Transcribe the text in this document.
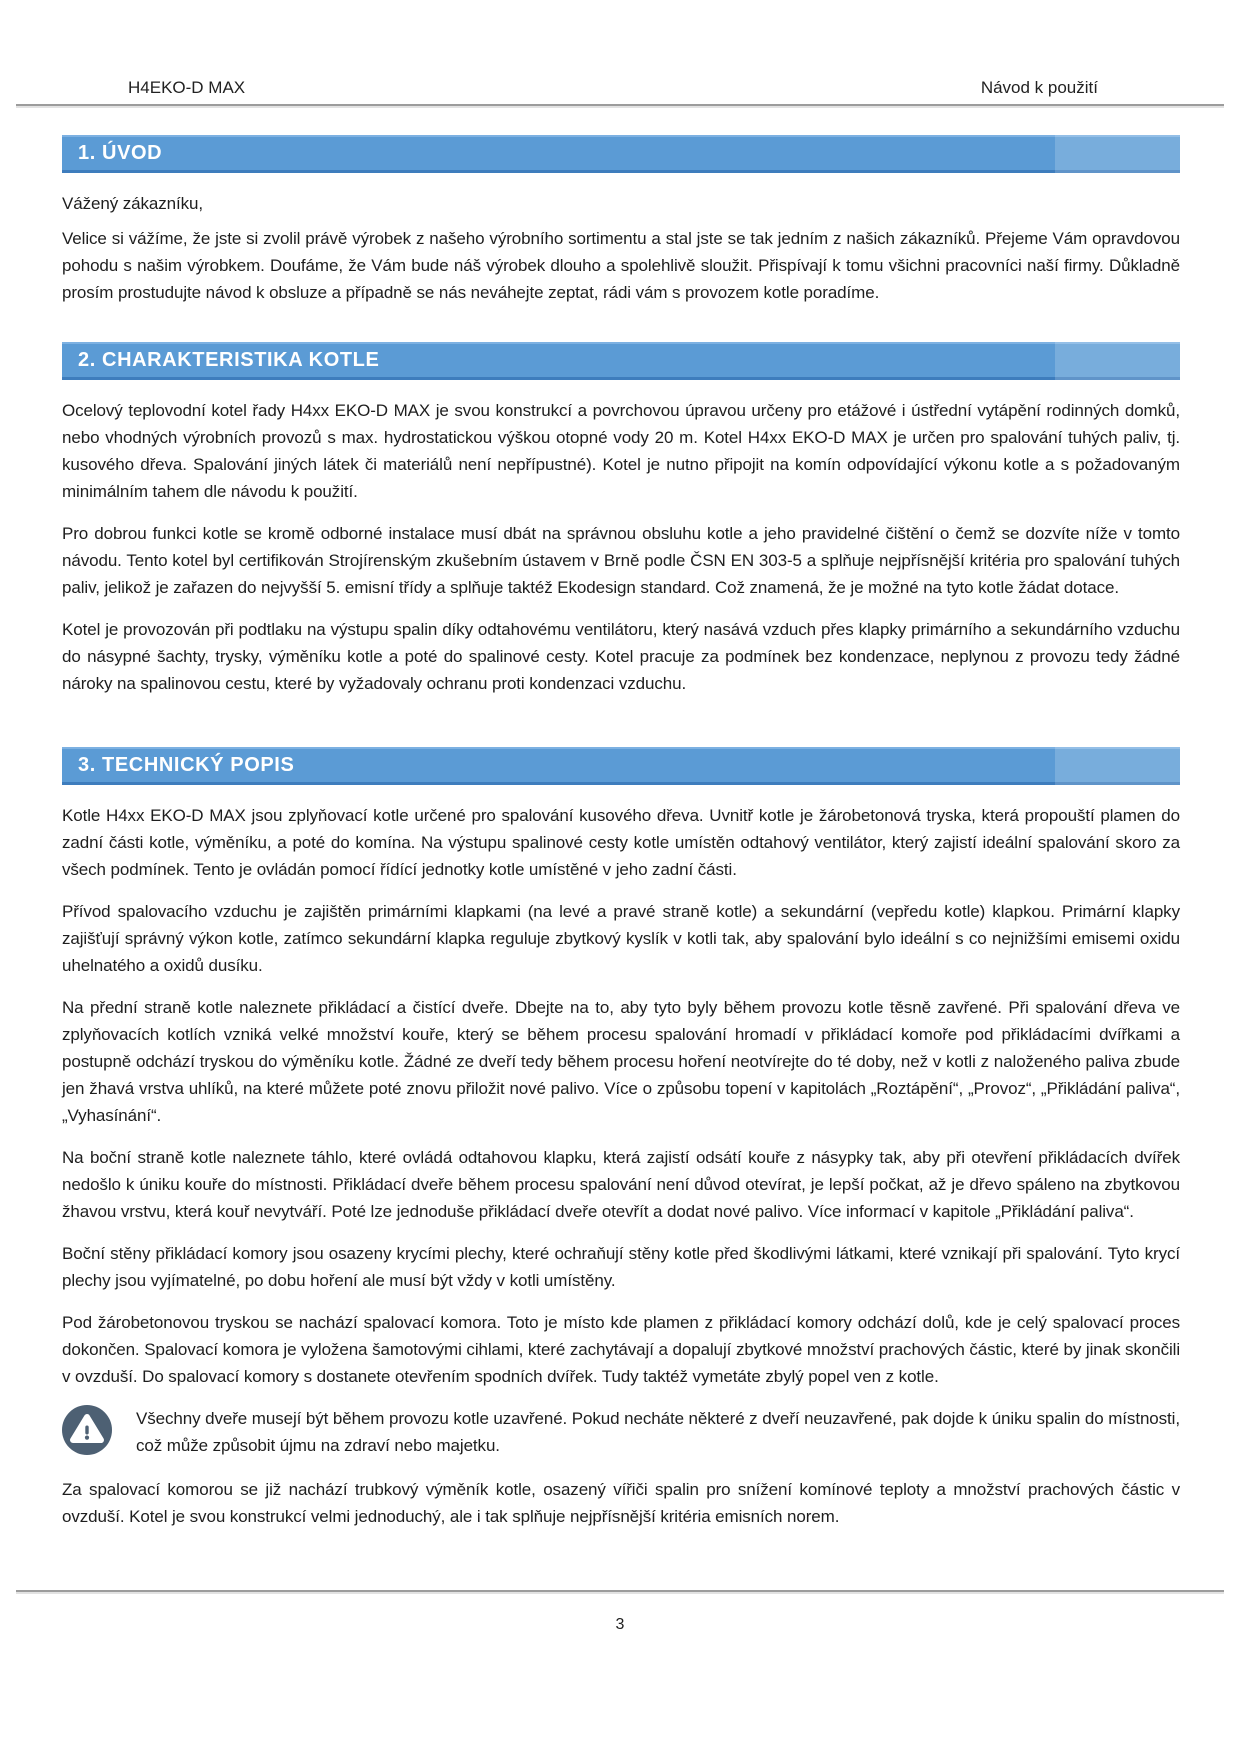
H4EKO-D MAX	Návod k použití
1. ÚVOD

Vážený zákazníku,

Velice si vážíme, že jste si zvolil právě výrobek z našeho výrobního sortimentu a stal jste se tak jedním z našich zákazníků. Přejeme Vám opravdovou pohodu s našim výrobkem. Doufáme, že Vám bude náš výrobek dlouho a spolehlivě sloužit. Přispívají k tomu všichni pracovníci naší firmy. Důkladně prosím prostudujte návod k obsluze a případně se nás neváhejte zeptat, rádi vám s provozem kotle poradíme.

2. CHARAKTERISTIKA KOTLE

Ocelový teplovodní kotel řady H4xx EKO-D MAX je svou konstrukcí a povrchovou úpravou určeny pro etážové i ústřední vytápění rodinných domků, nebo vhodných výrobních provozů s max. hydrostatickou výškou otopné vody 20 m. Kotel H4xx EKO-D MAX je určen pro spalování tuhých paliv, tj. kusového dřeva. Spalování jiných látek či materiálů není nepřípustné). Kotel je nutno připojit na komín odpovídající výkonu kotle a s požadovaným minimálním tahem dle návodu k použití.

Pro dobrou funkci kotle se kromě odborné instalace musí dbát na správnou obsluhu kotle a jeho pravidelné čištění o čemž se dozvíte níže v tomto návodu. Tento kotel byl certifikován Strojírenským zkušebním ústavem v Brně podle ČSN EN 303-5 a splňuje nejpřísnější kritéria pro spalování tuhých paliv, jelikož je zařazen do nejvyšší 5. emisní třídy a splňuje taktéž Ekodesign standard. Což znamená, že je možné na tyto kotle žádat dotace.

Kotel je provozován při podtlaku na výstupu spalin díky odtahovému ventilátoru, který nasává vzduch přes klapky primárního a sekundárního vzduchu do násypné šachty, trysky, výměníku kotle a poté do spalinové cesty. Kotel pracuje za podmínek bez kondenzace, neplynou z provozu tedy žádné nároky na spalinovou cestu, které by vyžadovaly ochranu proti kondenzaci vzduchu.

3. TECHNICKÝ POPIS

Kotle H4xx EKO-D MAX jsou zplyňovací kotle určené pro spalování kusového dřeva. Uvnitř kotle je žárobetonová tryska, která propouští plamen do zadní části kotle, výměníku, a poté do komína. Na výstupu spalinové cesty kotle umístěn odtahový ventilátor, který zajistí ideální spalování skoro za všech podmínek. Tento je ovládán pomocí řídící jednotky kotle umístěné v jeho zadní části.

Přívod spalovacího vzduchu je zajištěn primárními klapkami (na levé a pravé straně kotle) a sekundární (vepředu kotle) klapkou. Primární klapky zajišťují správný výkon kotle, zatímco sekundární klapka reguluje zbytkový kyslík v kotli tak, aby spalování bylo ideální s co nejnižšími emisemi oxidu uhelnatého a oxidů dusíku.

Na přední straně kotle naleznete přikládací a čistící dveře. Dbejte na to, aby tyto byly během provozu kotle těsně zavřené. Při spalování dřeva ve zplyňovacích kotlích vzniká velké množství kouře, který se během procesu spalování hromadí v přikládací komoře pod přikládacími dvířkami a postupně odchází tryskou do výměníku kotle. Žádné ze dveří tedy během procesu hoření neotvírejte do té doby, než v kotli z naloženého paliva zbude jen žhavá vrstva uhlíků, na které můžete poté znovu přiložit nové palivo. Více o způsobu topení v kapitolách „Roztápění“, „Provoz“, „Přikládání paliva“, „Vyhasínání“.

Na boční straně kotle naleznete táhlo, které ovládá odtahovou klapku, která zajistí odsátí kouře z násypky tak, aby při otevření přikládacích dvířek nedošlo k úniku kouře do místnosti. Přikládací dveře během procesu spalování není důvod otevírat, je lepší počkat, až je dřevo spáleno na zbytkovou žhavou vrstvu, která kouř nevytváří. Poté lze jednoduše přikládací dveře otevřít a dodat nové palivo. Více informací v kapitole „Přikládání paliva“.

Boční stěny přikládací komory jsou osazeny krycími plechy, které ochraňují stěny kotle před škodlivými látkami, které vznikají při spalování. Tyto krycí plechy jsou vyjímatelné, po dobu hoření ale musí být vždy v kotli umístěny.

Pod žárobetonovou tryskou se nachází spalovací komora. Toto je místo kde plamen z přikládací komory odchází dolů, kde je celý spalovací proces dokončen. Spalovací komora je vyložena šamotovými cihlami, které zachytávají a dopalují zbytkové množství prachových částic, které by jinak skončili v ovzduší. Do spalovací komory s dostanete otevřením spodních dvířek. Tudy taktéž vymetáte zbylý popel ven z kotle.

Všechny dveře musejí být během provozu kotle uzavřené. Pokud necháte některé z dveří neuzavřené, pak dojde k úniku spalin do místnosti, což může způsobit újmu na zdraví nebo majetku.

Za spalovací komorou se již nachází trubkový výměník kotle, osazený vířiči spalin pro snížení komínové teploty a množství prachových částic v ovzduší. Kotel je svou konstrukcí velmi jednoduchý, ale i tak splňuje nejpřísnější kritéria emisních norem.

3
